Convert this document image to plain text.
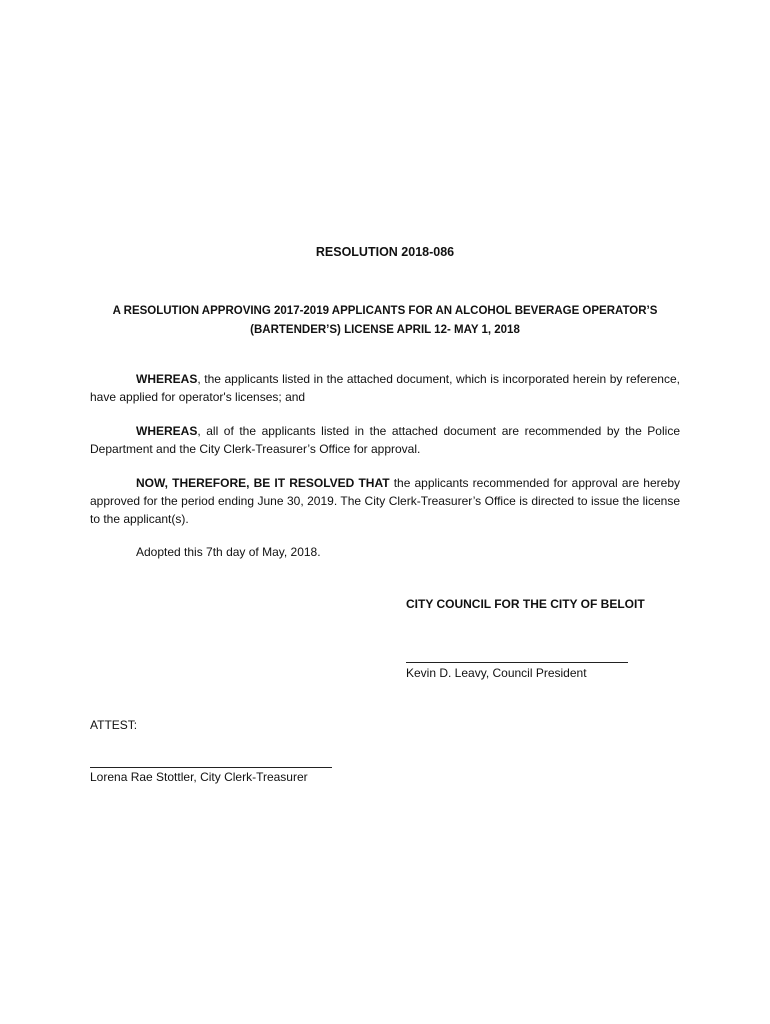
RESOLUTION 2018-086
A RESOLUTION APPROVING 2017-2019 APPLICANTS FOR AN ALCOHOL BEVERAGE OPERATOR’S
(BARTENDER’S) LICENSE APRIL 12- MAY 1, 2018
WHEREAS, the applicants listed in the attached document, which is incorporated herein by reference, have applied for operator's licenses; and
WHEREAS, all of the applicants listed in the attached document are recommended by the Police Department and the City Clerk-Treasurer’s Office for approval.
NOW, THEREFORE, BE IT RESOLVED THAT the applicants recommended for approval are hereby approved for the period ending June 30, 2019. The City Clerk-Treasurer’s Office is directed to issue the license to the applicant(s).
Adopted this 7th day of May, 2018.
CITY COUNCIL FOR THE CITY OF BELOIT
Kevin D. Leavy, Council President
ATTEST:
Lorena Rae Stottler, City Clerk-Treasurer
